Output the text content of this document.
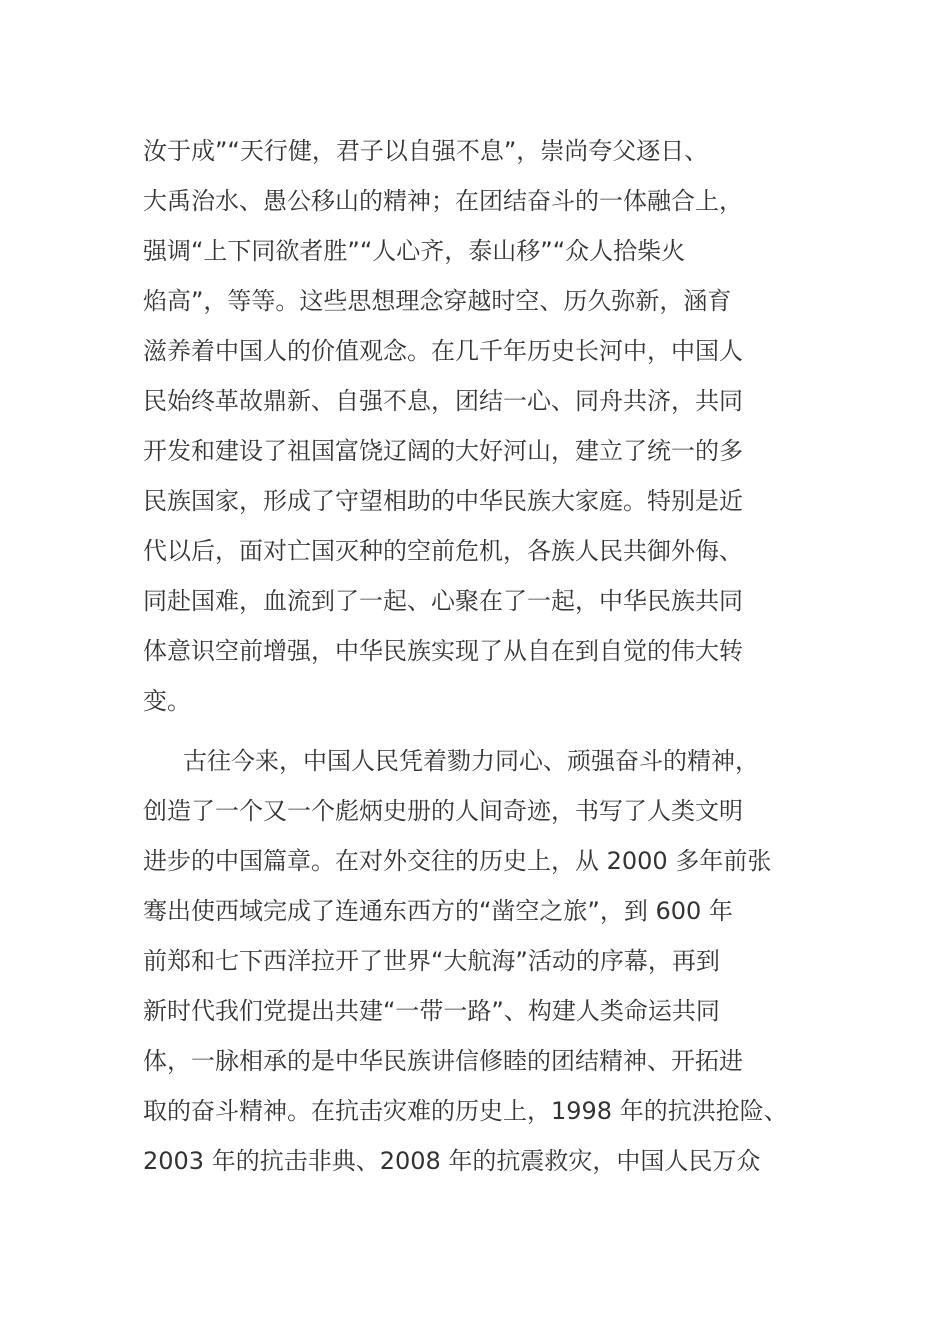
汝于成”“天行健，君子以自强不息”，崇尚夸父逐日、
大禹治水、愚公移山的精神；在团结奋斗的一体融合上，
强调“上下同欲者胜”“人心齐，泰山移”“众人拾柴火
焰高”，等等。这些思想理念穿越时空、历久弥新，涵育
滋养着中国人的价值观念。在几千年历史长河中，中国人
民始终革故鼎新、自强不息，团结一心、同舟共济，共同
开发和建设了祖国富饶辽阔的大好河山，建立了统一的多
民族国家，形成了守望相助的中华民族大家庭。特别是近
代以后，面对亡国灭种的空前危机，各族人民共御外侮、
同赴国难，血流到了一起、心聚在了一起，中华民族共同
体意识空前增强，中华民族实现了从自在到自觉的伟大转
变。
古往今来，中国人民凭着勠力同心、顽强奋斗的精神，
创造了一个又一个彪炳史册的人间奇迹，书写了人类文明
进步的中国篇章。在对外交往的历史上，从 2000 多年前张
骞出使西域完成了连通东西方的“凿空之旅”，到 600 年
前郑和七下西洋拉开了世界“大航海”活动的序幕，再到
新时代我们党提出共建“一带一路”、构建人类命运共同
体，一脉相承的是中华民族讲信修睦的团结精神、开拓进
取的奋斗精神。在抗击灾难的历史上，1998 年的抗洪抢险、
2003 年的抗击非典、2008 年的抗震救灾，中国人民万众
